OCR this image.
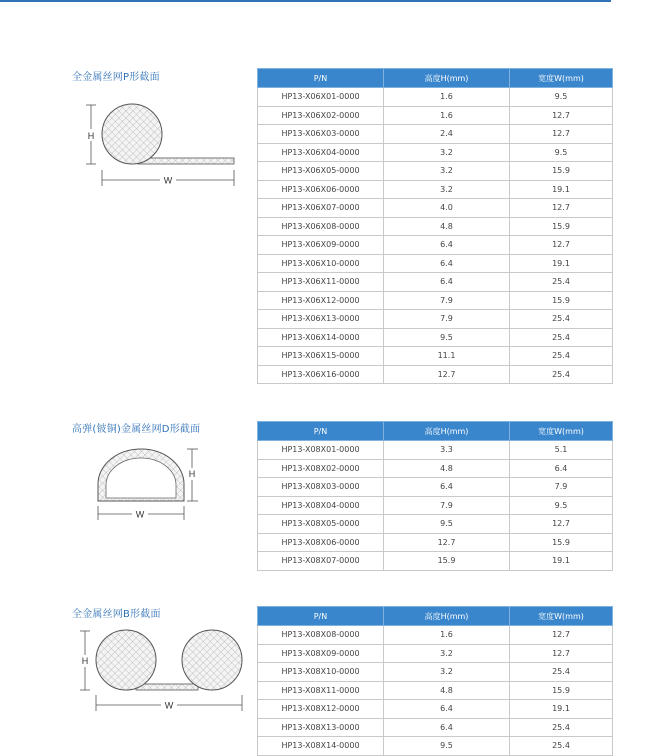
全金属丝网P形截面
H
W
P/N	高度H(mm)	宽度W(mm)
HP13-X06X01-0000	1.6	9.5
HP13-X06X02-0000	1.6	12.7
HP13-X06X03-0000	2.4	12.7
HP13-X06X04-0000	3.2	9.5
HP13-X06X05-0000	3.2	15.9
HP13-X06X06-0000	3.2	19.1
HP13-X06X07-0000	4.0	12.7
HP13-X06X08-0000	4.8	15.9
HP13-X06X09-0000	6.4	12.7
HP13-X06X10-0000	6.4	19.1
HP13-X06X11-0000	6.4	25.4
HP13-X06X12-0000	7.9	15.9
HP13-X06X13-0000	7.9	25.4
HP13-X06X14-0000	9.5	25.4
HP13-X06X15-0000	11.1	25.4
HP13-X06X16-0000	12.7	25.4
高弹(铍铜)金属丝网D形截面
H
W
P/N	高度H(mm)	宽度W(mm)
HP13-X08X01-0000	3.3	5.1
HP13-X08X02-0000	4.8	6.4
HP13-X08X03-0000	6.4	7.9
HP13-X08X04-0000	7.9	9.5
HP13-X08X05-0000	9.5	12.7
HP13-X08X06-0000	12.7	15.9
HP13-X08X07-0000	15.9	19.1
全金属丝网B形截面
H
W
P/N	高度H(mm)	宽度W(mm)
HP13-X08X08-0000	1.6	12.7
HP13-X08X09-0000	3.2	12.7
HP13-X08X10-0000	3.2	25.4
HP13-X08X11-0000	4.8	15.9
HP13-X08X12-0000	6.4	19.1
HP13-X08X13-0000	6.4	25.4
HP13-X08X14-0000	9.5	25.4
